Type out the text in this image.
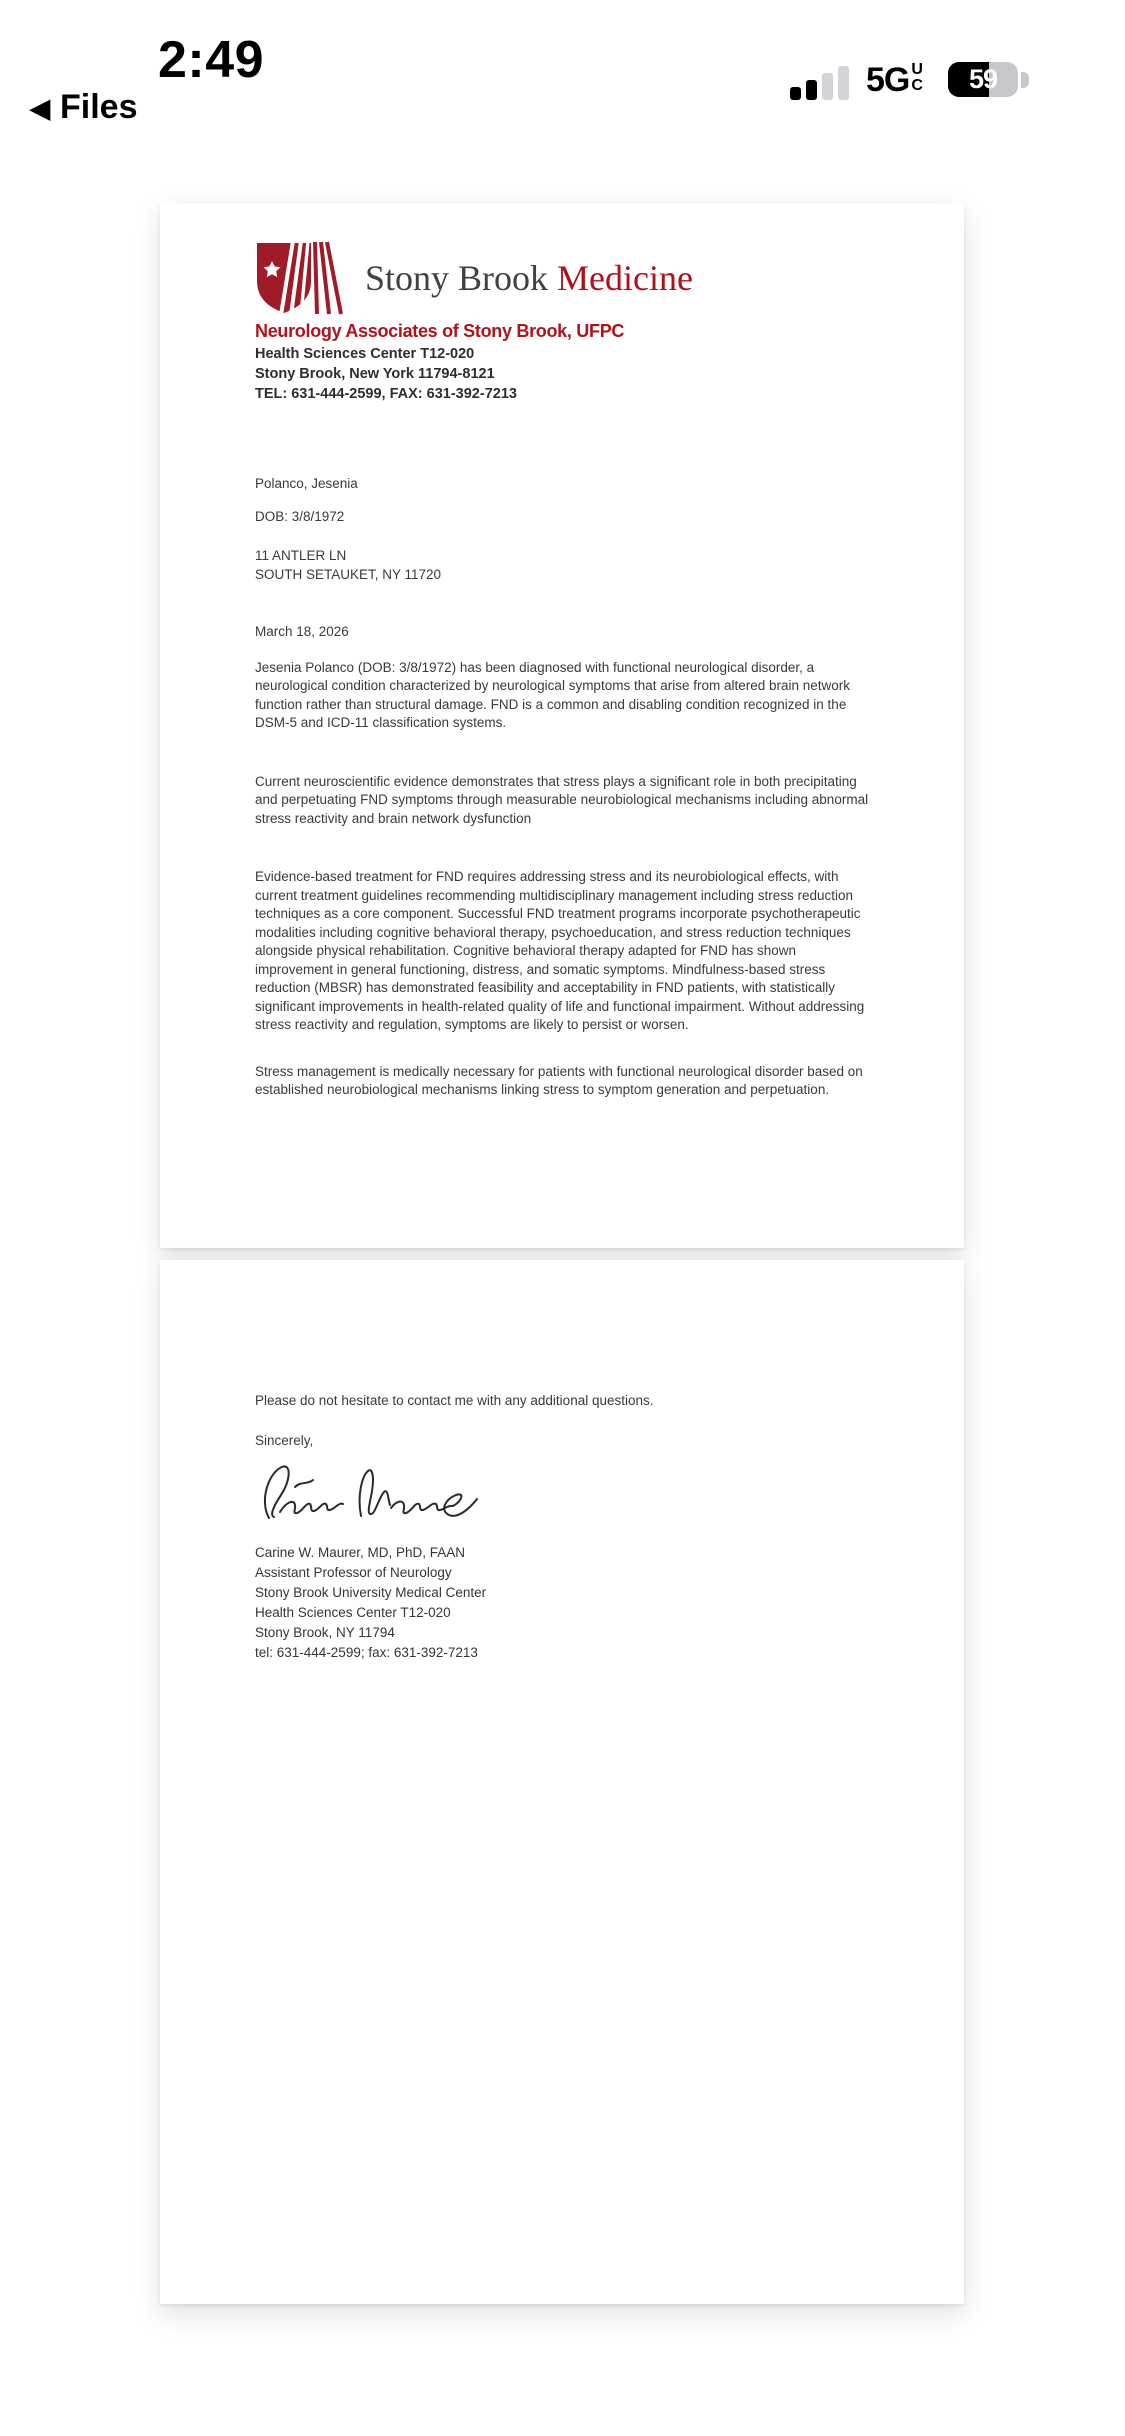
2:49
◀ Files
5G U
C	59
Stony Brook Medicine
Neurology Associates of Stony Brook, UFPC
Health Sciences Center T12-020
Stony Brook, New York 11794-8121
TEL: 631-444-2599, FAX: 631-392-7213
Polanco, Jesenia
DOB: 3/8/1972
11 ANTLER LN
SOUTH SETAUKET, NY 11720
March 18, 2026

Jesenia Polanco (DOB: 3/8/1972) has been diagnosed with functional neurological disorder, a neurological condition characterized by neurological symptoms that arise from altered brain network function rather than structural damage. FND is a common and disabling condition recognized in the DSM-5 and ICD-11 classification systems.

Current neuroscientific evidence demonstrates that stress plays a significant role in both precipitating and perpetuating FND symptoms through measurable neurobiological mechanisms including abnormal stress reactivity and brain network dysfunction

Evidence-based treatment for FND requires addressing stress and its neurobiological effects, with current treatment guidelines recommending multidisciplinary management including stress reduction techniques as a core component. Successful FND treatment programs incorporate psychotherapeutic modalities including cognitive behavioral therapy, psychoeducation, and stress reduction techniques alongside physical rehabilitation. Cognitive behavioral therapy adapted for FND has shown improvement in general functioning, distress, and somatic symptoms. Mindfulness-based stress reduction (MBSR) has demonstrated feasibility and acceptability in FND patients, with statistically significant improvements in health-related quality of life and functional impairment. Without addressing stress reactivity and regulation, symptoms are likely to persist or worsen.

Stress management is medically necessary for patients with functional neurological disorder based on established neurobiological mechanisms linking stress to symptom generation and perpetuation.

Please do not hesitate to contact me with any additional questions.
Sincerely,
Carine W. Maurer, MD, PhD, FAAN
Assistant Professor of Neurology
Stony Brook University Medical Center
Health Sciences Center T12-020
Stony Brook, NY 11794
tel: 631-444-2599; fax: 631-392-7213
